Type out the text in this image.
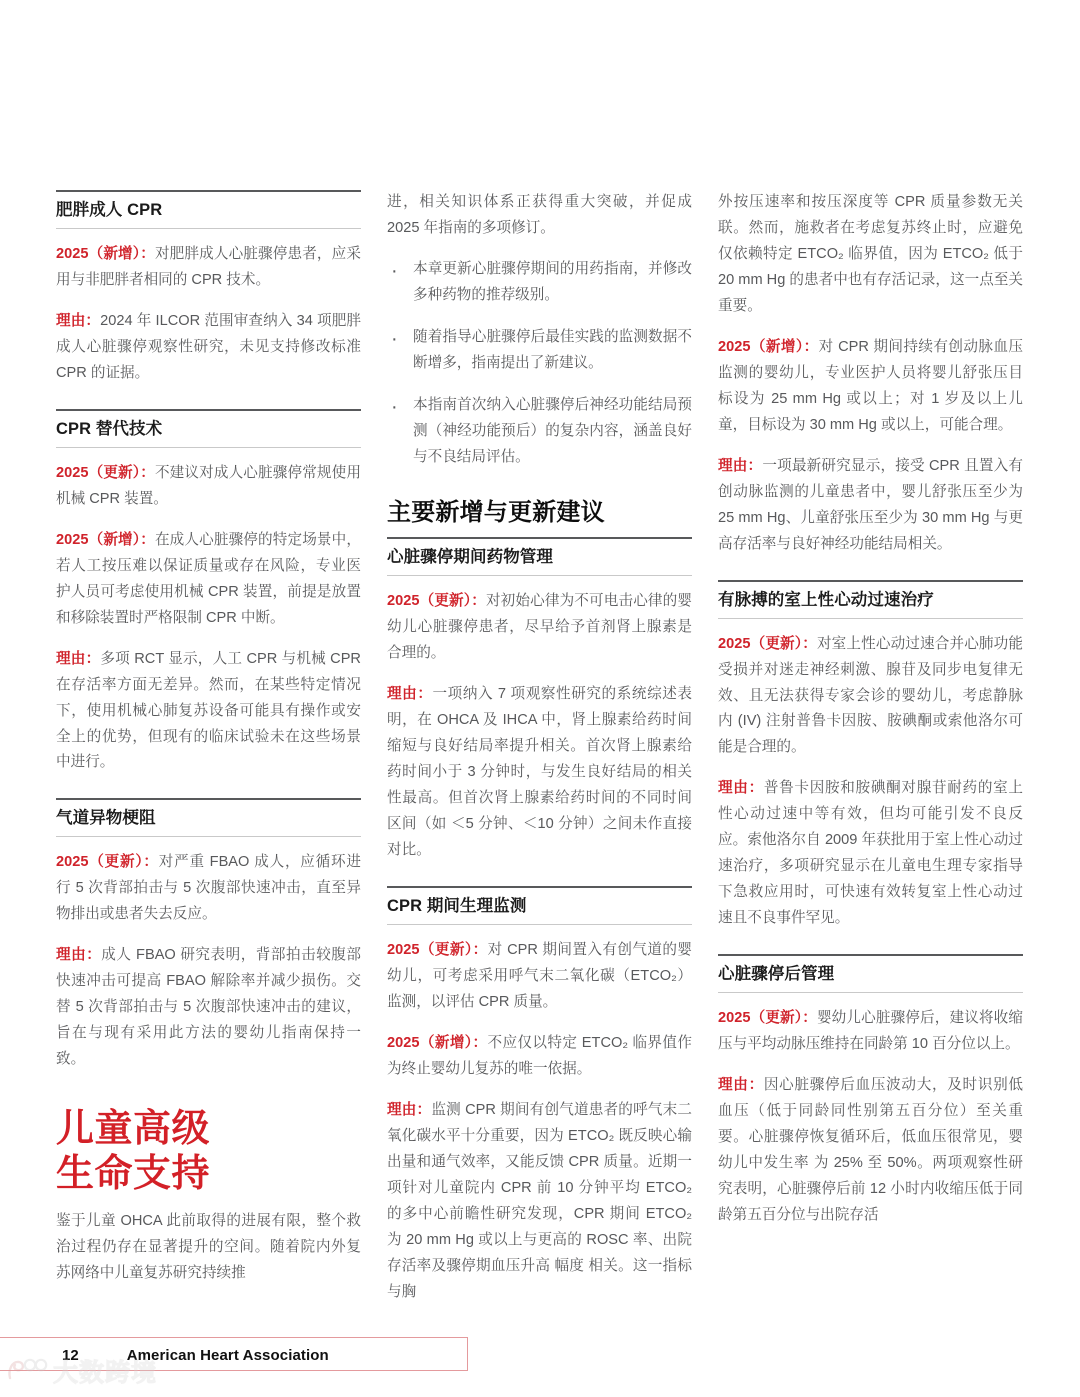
肥胖成人 CPR

2025（新增）：对肥胖成人心脏骤停患者，应采用与非肥胖者相同的 CPR 技术。

理由：2024 年 ILCOR 范围审查纳入 34 项肥胖成人心脏骤停观察性研究，未见支持修改标准 CPR 的证据。

CPR 替代技术

2025（更新）：不建议对成人心脏骤停常规使用机械 CPR 装置。

2025（新增）：在成人心脏骤停的特定场景中，若人工按压难以保证质量或存在风险，专业医护人员可考虑使用机械 CPR 装置，前提是放置和移除装置时严格限制 CPR 中断。

理由：多项 RCT 显示，人工 CPR 与机械 CPR 在存活率方面无差异。然而，在某些特定情况下，使用机械心肺复苏设备可能具有操作或安全上的优势，但现有的临床试验未在这些场景中进行。

气道异物梗阻

2025（更新）：对严重 FBAO 成人，应循环进行 5 次背部拍击与 5 次腹部快速冲击，直至异物排出或患者失去反应。

理由：成人 FBAO 研究表明，背部拍击较腹部快速冲击可提高 FBAO 解除率并减少损伤。交替 5 次背部拍击与 5 次腹部快速冲击的建议，旨在与现有采用此方法的婴幼儿指南保持一致。

儿童高级
生命支持

鉴于儿童 OHCA 此前取得的进展有限，整个救治过程仍存在显著提升的空间。随着院内外复苏网络中儿童复苏研究持续推

进，相关知识体系正获得重大突破，并促成 2025 年指南的多项修订。

· 本章更新心脏骤停期间的用药指南，并修改多种药物的推荐级别。
· 随着指导心脏骤停后最佳实践的监测数据不断增多，指南提出了新建议。
· 本指南首次纳入心脏骤停后神经功能结局预测（神经功能预后）的复杂内容，涵盖良好与不良结局评估。
主要新增与更新建议
心脏骤停期间药物管理

2025（更新）：对初始心律为不可电击心律的婴幼儿心脏骤停患者，尽早给予首剂肾上腺素是合理的。

理由：一项纳入 7 项观察性研究的系统综述表明，在 OHCA 及 IHCA 中，肾上腺素给药时间缩短与良好结局率提升相关。首次肾上腺素给药时间小于 3 分钟时，与发生良好结局的相关性最高。但首次肾上腺素给药时间的不同时间区间（如 ＜5 分钟、＜10 分钟）之间未作直接对比。

CPR 期间生理监测

2025（更新）：对 CPR 期间置入有创气道的婴幼儿，可考虑采用呼气末二氧化碳（ETCO₂）监测，以评估 CPR 质量。

2025（新增）：不应仅以特定 ETCO₂ 临界值作为终止婴幼儿复苏的唯一依据。

理由：监测 CPR 期间有创气道患者的呼气末二氧化碳水平十分重要，因为 ETCO₂ 既反映心输出量和通气效率，又能反馈 CPR 质量。近期一项针对儿童院内 CPR 前 10 分钟平均 ETCO₂ 的多中心前瞻性研究发现，CPR 期间 ETCO₂ 为 20 mm Hg 或以上与更高的 ROSC 率、出院存活率及骤停期血压升高 幅度 相关。这一指标与胸

外按压速率和按压深度等 CPR 质量参数无关联。然而，施救者在考虑复苏终止时，应避免仅依赖特定 ETCO₂ 临界值，因为 ETCO₂ 低于 20 mm Hg 的患者中也有存活记录，这一点至关重要。

2025（新增）：对 CPR 期间持续有创动脉血压监测的婴幼儿，专业医护人员将婴儿舒张压目标设为 25 mm Hg 或以上；对 1 岁及以上儿童，目标设为 30 mm Hg 或以上，可能合理。

理由：一项最新研究显示，接受 CPR 且置入有创动脉监测的儿童患者中，婴儿舒张压至少为 25 mm Hg、儿童舒张压至少为 30 mm Hg 与更高存活率与良好神经功能结局相关。

有脉搏的室上性心动过速治疗

2025（更新）：对室上性心动过速合并心肺功能受损并对迷走神经刺激、腺苷及同步电复律无效、且无法获得专家会诊的婴幼儿，考虑静脉内 (IV) 注射普鲁卡因胺、胺碘酮或索他洛尔可能是合理的。

理由：普鲁卡因胺和胺碘酮对腺苷耐药的室上性心动过速中等有效，但均可能引发不良反应。索他洛尔自 2009 年获批用于室上性心动过速治疗，多项研究显示在儿童电生理专家指导下急救应用时，可快速有效转复室上性心动过速且不良事件罕见。

心脏骤停后管理

2025（更新）：婴幼儿心脏骤停后，建议将收缩压与平均动脉压维持在同龄第 10 百分位以上。

理由：因心脏骤停后血压波动大，及时识别低血压（低于同龄同性别第五百分位）至关重要。心脏骤停恢复循环后，低血压很常见，婴幼儿中发生率 为 25% 至 50%。两项观察性研究表明，心脏骤停后前 12 小时内收缩压低于同龄第五百分位与出院存活

12	American Heart Association
大数跨境
